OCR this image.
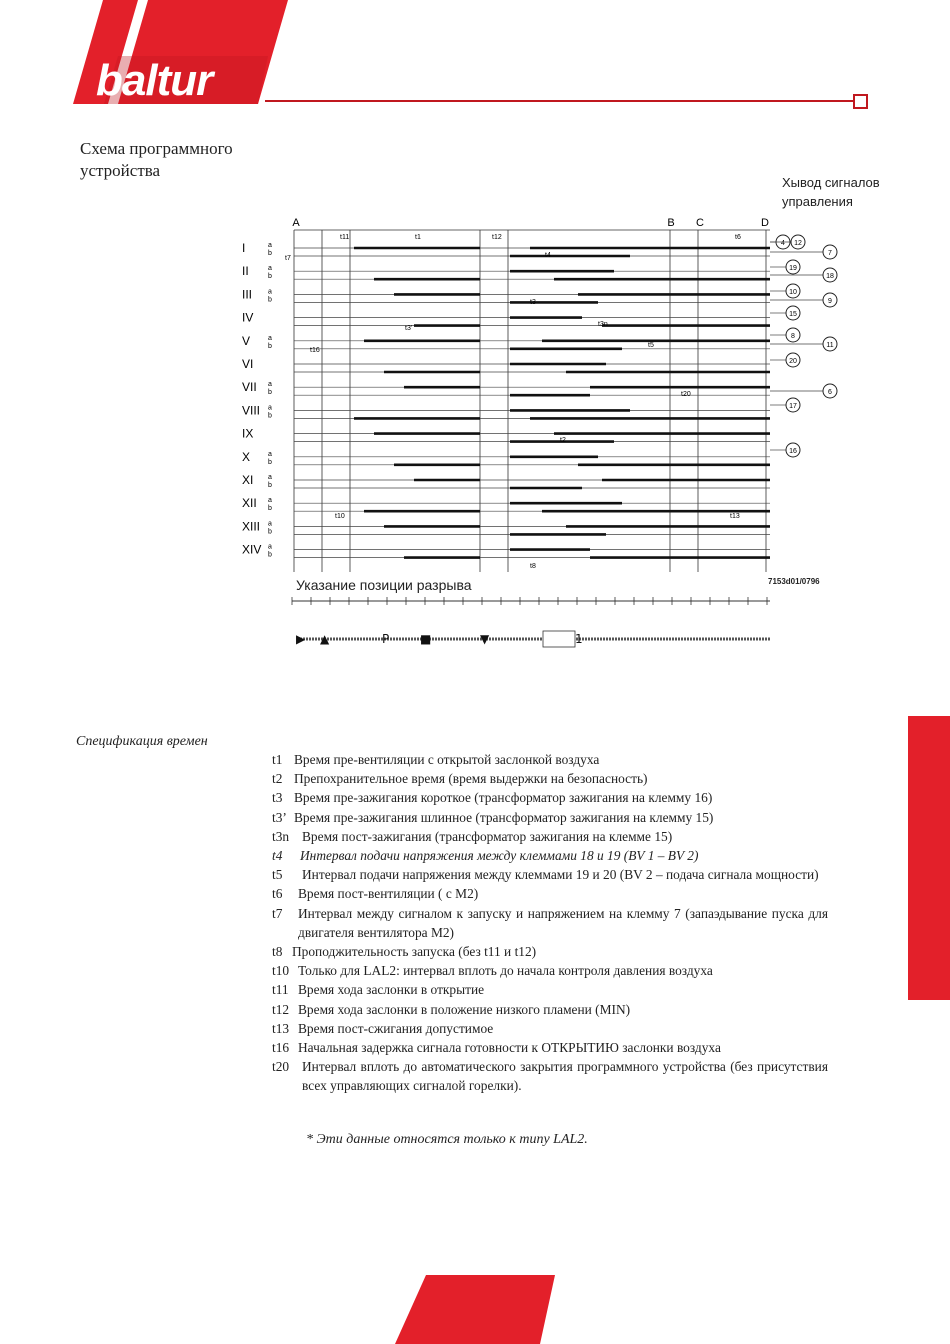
baltur
Схема программного устройства
Хывод сигналов управления
A	B C	D
I	a
b
II	a
b
III a
b
IV
V	a
b
VI
VII a
b
VIII a
b
IX
X	a
b
XI a
b
XII a
b
XIII a
b
XIV a
b
t11	t1	t12	t6
t7	t4
t3
t3'
t3n
t16
t5
t20
t2
t10	t13
t8
4 12
7
19
18
10
9
15
8
11
20
6
17
16
▶ ▲	P	■	▼	1
Указание позиции разрыва	7153d01/0796
Спецификация времен
t1 Время пре-вентиляции с открытой заслонкой воздуха
t2 Препохранительное время (время выдержки на безопасность)
t3 Время пре-зажигания короткое (трансформатор зажигания на клемму 16)
t3’ Время пре-зажигания шлинное (трансформатор зажигания на клемму 15)
t3n Время пост-зажигания (трансформатор зажигания на клемме 15)
t4	Интервал подачи напряжения между клеммами 18 и 19 (BV 1 – BV 2)
t5	Интервал подачи напряжения между клеммами 19 и 20 (BV 2 – подача сигнала мощности)
t6	Время пост-вентиляции ( с M2)
t7	Интервал между сигналом к запуску и напряжением на клемму 7 (запаэдывание пуска для двигателя вентилятора M2)
t8 Проподжительность запуска (без t11 и t12)
t10 Только для LAL2: интервал вплоть до начала контроля давления воздуха
t11 Время хода заслонки в открытие
t12 Время хода заслонки в положение низкого пламени (MIN)
t13 Время пост-сжигания допустимое
t16 Начальная задержка сигнала готовности к ОТКРЫТИЮ заслонки воздуха
t20 Интервал вплоть до автоматического закрытия программного устройства (без присутствия всех управляющих сигналой горелки).
* Эти данные относятся только к типу LAL2.
